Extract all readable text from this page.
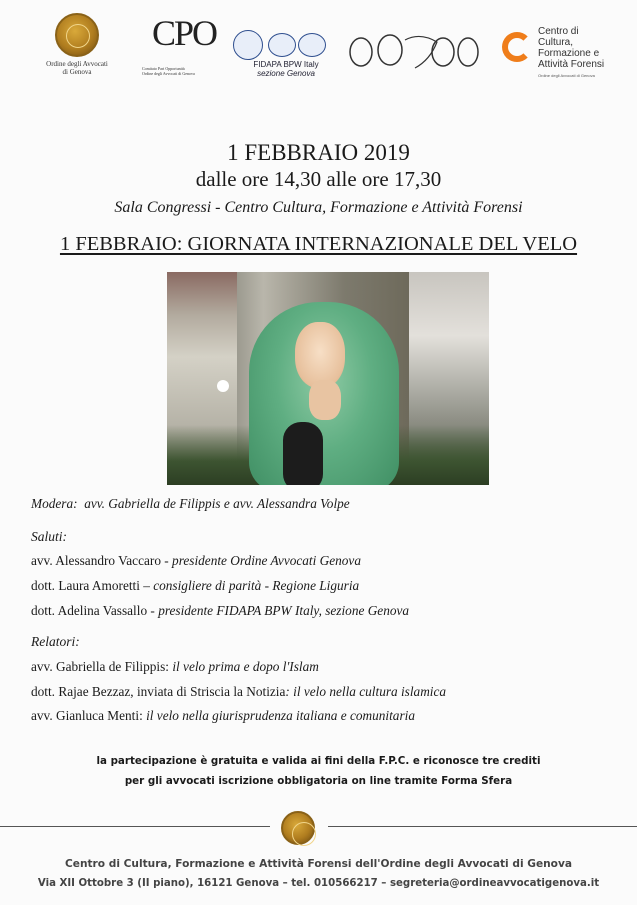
Ordine degli Avvocati
di Genova
CPO
Comitato Pari Opportunità
Ordine degli Avvocati di Genova
FIDAPA BPW Italy
sezione Genova
Centro di
Cultura,
Formazione e
Attività Forensi
Ordine degli Avvocati di Genova
1 FEBBRAIO 2019
dalle ore 14,30 alle ore 17,30
Sala Congressi - Centro Cultura, Formazione e Attività Forensi
1 FEBBRAIO: GIORNATA INTERNAZIONALE DEL VELO
Modera: avv. Gabriella de Filippis e avv. Alessandra Volpe
Saluti:
avv. Alessandro Vaccaro - presidente Ordine Avvocati Genova
dott. Laura Amoretti – consigliere di parità - Regione Liguria
dott. Adelina Vassallo - presidente FIDAPA BPW Italy, sezione Genova
Relatori:
avv. Gabriella de Filippis: il velo prima e dopo l'Islam
dott. Rajae Bezzaz, inviata di Striscia la Notizia: il velo nella cultura islamica
avv. Gianluca Menti: il velo nella giurisprudenza italiana e comunitaria
la partecipazione è gratuita e valida ai fini della F.P.C. e riconosce tre crediti
per gli avvocati iscrizione obbligatoria on line tramite Forma Sfera
Centro di Cultura, Formazione e Attività Forensi dell'Ordine degli Avvocati di Genova
Via XII Ottobre 3 (II piano), 16121 Genova – tel. 010566217 – segreteria@ordineavvocatigenova.it
